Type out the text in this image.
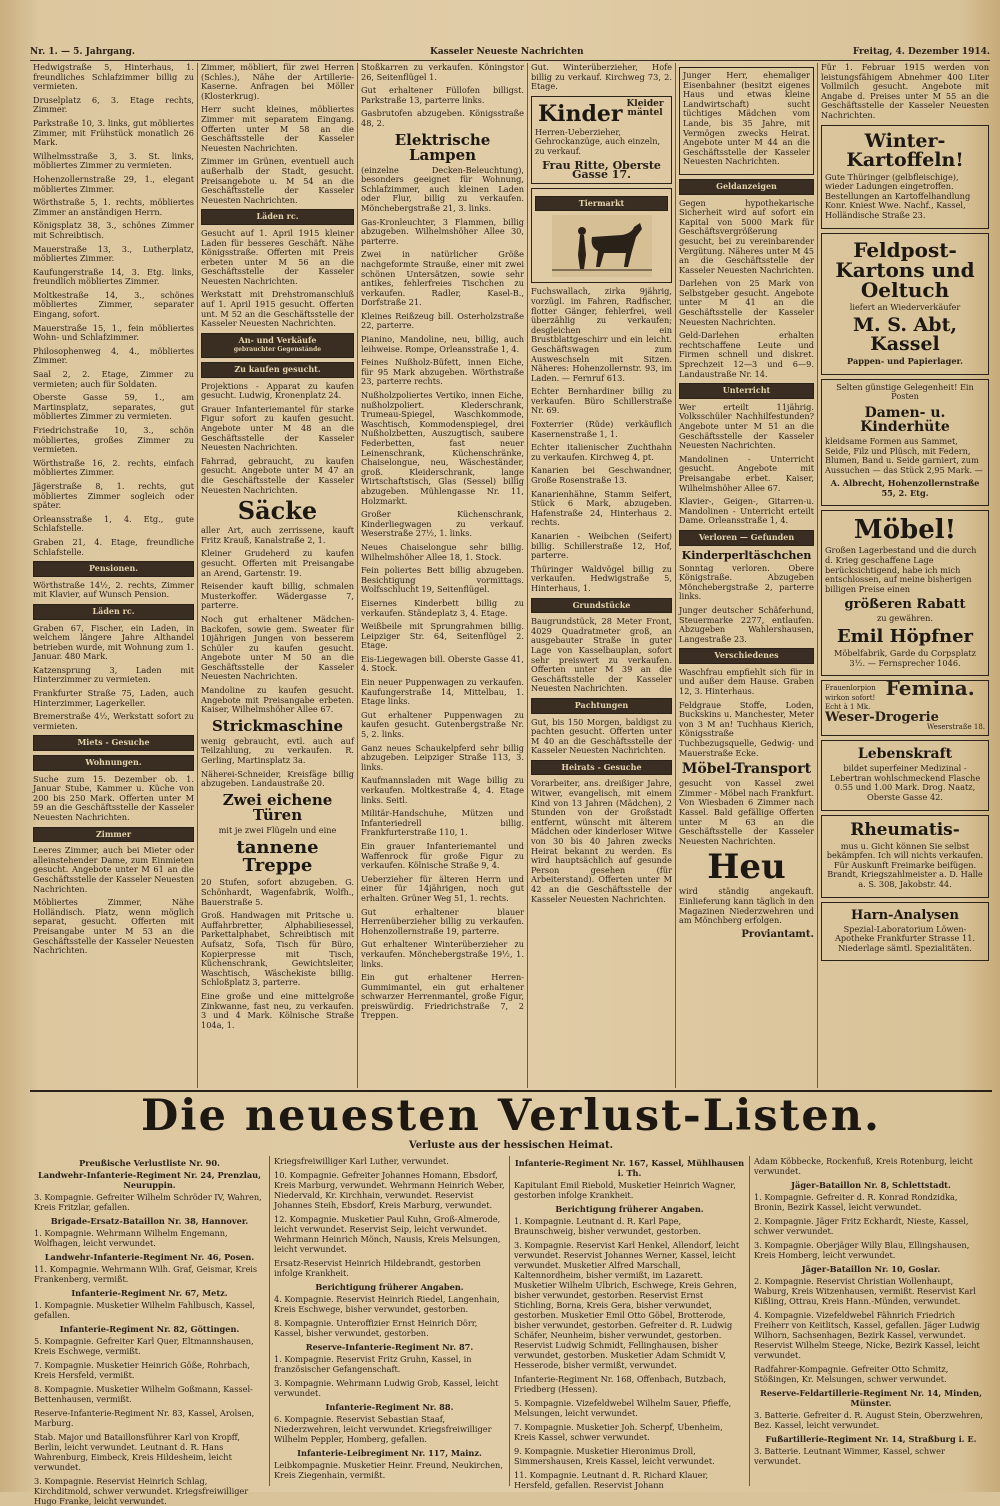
Nr. 1. — 5. Jahrgang.	Kasseler Neueste Nachrichten	Freitag, 4. Dezember 1914.
Hedwigstraße 5, Hinterhaus, 1. freundliches Schlafzimmer billig zu vermieten.
Druselplatz 6, 3. Etage rechts, Zimmer.
Parkstraße 10, 3. links, gut möbliertes Zimmer, mit Frühstück monatlich 26 Mark.
Wilhelmsstraße 3, 3. St. links, möbliertes Zimmer zu vermieten.
Hohenzollernstraße 29, 1., elegant möbliertes Zimmer.
Wörthstraße 5, 1. rechts, möbliertes Zimmer an anständigen Herrn.
Königsplatz 38, 3., schönes Zimmer mit Schreibtisch.
Mauerstraße 13, 3., Lutherplatz, möbliertes Zimmer.
Kaufungerstraße 14, 3. Etg. links, freundlich möbliertes Zimmer.
Moltkestraße 14, 3., schönes möbliertes Zimmer, separater Eingang, sofort.
Mauerstraße 15, 1., fein möbliertes Wohn- und Schlafzimmer.
Philosophenweg 4, 4., möbliertes Zimmer.
Saal 2, 2. Etage, Zimmer zu vermieten; auch für Soldaten.
Oberste Gasse 59, 1., am Martinsplatz, separates, gut möbliertes Zimmer zu vermieten.
Friedrichstraße 10, 3., schön möbliertes, großes Zimmer zu vermieten.
Wörthstraße 16, 2. rechts, einfach möbliertes Zimmer.
Jägerstraße 8, 1. rechts, gut möbliertes Zimmer sogleich oder später.
Orleansstraße 1, 4. Etg., gute Schlafstelle.
Graben 21, 4. Etage, freundliche Schlafstelle.
Pensionen.
Wörthstraße 14½, 2. rechts, Zimmer mit Klavier, auf Wunsch Pension.
Läden rc.
Graben 67, Fischer, ein Laden, in welchem längere Jahre Althandel betrieben wurde, mit Wohnung zum 1. Januar. 480 Mark.
Katzensprung 3, Laden mit Hinterzimmer zu vermieten.
Frankfurter Straße 75, Laden, auch Hinterzimmer, Lagerkeller.
Bremerstraße 4½, Werkstatt sofort zu vermieten.
Miets - Gesuche
Wohnungen.
Suche zum 15. Dezember ob. 1. Januar Stube, Kammer u. Küche von 200 bis 250 Mark. Offerten unter M 59 an die Geschäftsstelle der Kasseler Neuesten Nachrichten.
Zimmer
Leeres Zimmer, auch bei Mieter oder alleinstehender Dame, zum Einmieten gesucht. Angebote unter M 61 an die Geschäftsstelle der Kasseler Neuesten Nachrichten.
Möbliertes Zimmer, Nähe Holländisch. Platz, wenn möglich separat, gesucht. Offerten mit Preisangabe unter M 53 an die Geschäftsstelle der Kasseler Neuesten Nachrichten.
Zimmer, möbliert, für zwei Herren (Schles.), Nähe der Artillerie-Kaserne. Anfragen bei Möller (Klosterkrug).
Herr sucht kleines, möbliertes Zimmer mit separatem Eingang. Offerten unter M 58 an die Geschäftsstelle der Kasseler Neuesten Nachrichten.
Zimmer im Grünen, eventuell auch außerhalb der Stadt, gesucht. Preisangebote u. M 54 an die Geschäftsstelle der Kasseler Neuesten Nachrichten.
Läden rc.
Gesucht auf 1. April 1915 kleiner Laden für besseres Geschäft. Nähe Königsstraße. Offerten mit Preis erbeten unter M 56 an die Geschäftsstelle der Kasseler Neuesten Nachrichten.
Werkstatt mit Drehstromanschluß auf 1. April 1915 gesucht. Offerten unt. M 52 an die Geschäftsstelle der Kasseler Neuesten Nachrichten.
An- und Verkäufe
gebrauchter Gegenstände
Zu kaufen gesucht.
Projektions - Apparat zu kaufen gesucht. Ludwig, Kronenplatz 24.
Grauer Infanteriemantel für starke Figur sofort zu kaufen gesucht. Angebote unter M 48 an die Geschäftsstelle der Kasseler Neuesten Nachrichten.
Fahrrad, gebraucht, zu kaufen gesucht. Angebote unter M 47 an die Geschäftsstelle der Kasseler Neuesten Nachrichten.
Säcke
aller Art, auch zerrissene, kauft Fritz Krauß, Kanalstraße 2, 1.
Kleiner Grudeherd zu kaufen gesucht. Offerten mit Preisangabe an Arend, Gartenstr. 19.
Reisender kauft billig, schmalen Musterkoffer. Wädergasse 7, parterre.
Noch gut erhaltener Mädchen-Backofen, sowie gem. Sweater für 10jährigen Jungen von besserem Schüler zu kaufen gesucht. Angebote unter M 50 an die Geschäftsstelle der Kasseler Neuesten Nachrichten.
Mandoline zu kaufen gesucht. Angebote mit Preisangabe erbeten. Kaiser, Wilhelmshöher Allee 67.
Strickmaschine
wenig gebraucht, evtl. auch auf Teilzahlung, zu verkaufen. R. Gerling, Martinsplatz 3a.
Näherei-Schneider, Kreisfäge billig abzugeben. Landaustraße 20.
Zwei eichene Türen
mit je zwei Flügeln und eine
tannene Treppe
20 Stufen, sofort abzugeben. G. Schönhardt, Wagenfabrik, Wolfh., Bauerstraße 5.
Groß. Handwagen mit Pritsche u. Auffahrbretter, Alphabiliesessel, Parkettalphabet, Schreibtisch mit Aufsatz, Sofa, Tisch für Büro, Kopierpresse mit Tisch, Küchenschrank, Gewichtsleiter, Waschtisch, Wäschekiste billig. Schloßplatz 3, parterre.
Eine große und eine mittelgroße Zinkwanne, fast neu, zu verkaufen. 3 und 4 Mark. Kölnische Straße 104a, 1.
Stoßkarren zu verkaufen. Köningstor 26, Seitenflügel 1.
Gut erhaltener Füllofen billigst. Parkstraße 13, parterre links.
Gasbrutofen abzugeben. Königsstraße 48, 2.
Elektrische Lampen
(einzelne Decken-Beleuchtung), besonders geeignet für Wohnung, Schlafzimmer, auch kleinen Laden oder Flur, billig zu verkaufen. Mönchebergstraße 21, 3. links.
Gas-Kronleuchter, 3 Flammen, billig abzugeben. Wilhelmshöher Allee 30, parterre.
Zwei in natürlicher Größe nachgeformte Strauße, einer mit zwei schönen Untersätzen, sowie sehr antikes, fehlerfreies Tischchen zu verkaufen. Radler, Kasel-B., Dorfstraße 21.
Kleines Reißzeug bill. Osterholzstraße 22, parterre.
Pianino, Mandoline, neu, billig, auch leihweise. Rompe, Orleansstraße 1, 4.
Feines Nußholz-Büfett, innen Eiche, für 95 Mark abzugeben. Wörthstraße 23, parterre rechts.
Nußholzpoliertes Vertiko, innen Eiche, nußholzpoliert. Klederschrank, Trumeau-Spiegel, Waschkommode, Waschtisch, Kommodenspiegel, drei Nußholzbetten, Auszugtisch, saubere Federbetten, fast neuer Leinenschrank, Küchenschränke, Chaiselongue, neu, Wäscheständer, groß. Kleiderschrank, lange Wirtschaftstisch, Glas (Sessel) billig abzugeben. Mühlengasse Nr. 11, Holzmarkt.
Großer Küchenschrank, Kinderliegwagen zu verkauf. Weserstraße 27½, 1. links.
Neues Chaiselongue sehr billig. Wilhelmshöher Allee 18, 1. Stock.
Fein poliertes Bett billig abzugeben. Besichtigung vormittags. Wolfsschlucht 19, Seitenflügel.
Eisernes Kinderbett billig zu verkaufen. Ständeplatz 3, 4. Etage.
Weißbeile mit Sprungrahmen billig. Leipziger Str. 64, Seitenflügel 2. Etage.
Eis-Liegewagen bill. Oberste Gasse 41, 4. Stock.
Ein neuer Puppenwagen zu verkaufen. Kaufungerstraße 14, Mittelbau, 1. Etage links.
Gut erhaltener Puppenwagen zu kaufen gesucht. Gutenbergstraße Nr. 5, 2. links.
Ganz neues Schaukelpferd sehr billig abzugeben. Leipziger Straße 113, 3. links.
Kaufmannsladen mit Wage billig zu verkaufen. Moltkestraße 4, 4. Etage links. Seitl.
Militär-Handschuhe, Mützen und Infanteriedrell billig. Frankfurterstraße 110, 1.
Ein grauer Infanteriemantel und Waffenrock für große Figur zu verkaufen. Kölnische Straße 9, 4.
Ueberzieher für älteren Herrn und einer für 14jährigen, noch gut erhalten. Grüner Weg 51, 1. rechts.
Gut erhaltener blauer Herrenüberzieher billig zu verkaufen. Hohenzollernstraße 19, parterre.
Gut erhaltener Winterüberzieher zu verkaufen. Mönchebergstraße 19½, 1. links.
Ein gut erhaltener Herren-Gummimantel, ein gut erhaltener schwarzer Herrenmantel, große Figur, preiswürdig. Friedrichstraße 7, 2 Treppen.
Gut. Winterüberzieher, Hofe billig zu verkauf. Kirchweg 73, 2. Etage.
Kinder Kleider mäntel
Herren-Ueberzieher, Gehrockanzüge, auch einzeln, zu verkauf.
Frau Ritte, Oberste Gasse 17.
Tiermarkt
Fuchswallach, zirka 9jährig, vorzügl. im Fahren, Radfischer, flotter Gänger, fehlerfrei, weil überzählig zu verkaufen; desgleichen ein Brustblattgeschirr und ein leicht. Geschäftswagen zum Ausweschseln mit Sitzen. Näheres: Hohenzollernstr. 93, im Laden. — Fernruf 613.
Echter Bernhardiner billig zu verkaufen. Büro Schillerstraße Nr. 69.
Foxterrier (Rüde) verkäuflich Kasernenstraße 1, 1.
Echter italienischer Zuchthahn zu verkaufen. Kirchweg 4, pt.
Kanarien bei Geschwandner, Große Rosenstraße 13.
Kanarienhähne, Stamm Seifert, Stück 6 Mark, abzugeben. Hafenstraße 24, Hinterhaus 2. rechts.
Kanarien - Weibchen (Seifert) billig. Schillerstraße 12, Hof, parterre.
Thüringer Waldvögel billig zu verkaufen. Hedwigstraße 5, Hinterhaus, 1.
Grundstücke
Baugrundstück, 28 Meter Front, 4029 Quadratmeter groß, an ausgebauter Straße in guter Lage von Kasselbauplan, sofort sehr preiswert zu verkaufen. Offerten unter M 39 an die Geschäftsstelle der Kasseler Neuesten Nachrichten.
Pachtungen
Gut, bis 150 Morgen, baldigst zu pachten gesucht. Offerten unter M 40 an die Geschäftsstelle der Kasseler Neuesten Nachrichten.
Heirats - Gesuche
Vorarbeiter, ans. dreißiger Jahre, Witwer, evangelisch, mit einem Kind von 13 Jahren (Mädchen), 2 Stunden von der Großstadt entfernt, wünscht mit älterem Mädchen oder kinderloser Witwe von 30 bis 40 Jahren zwecks Heirat bekannt zu werden. Es wird hauptsächlich auf gesunde Person gesehen (für Arbeiterstand). Offerten unter M 42 an die Geschäftsstelle der Kasseler Neuesten Nachrichten.
Junger Herr, ehemaliger Eisenbahner (besitzt eigenes Haus und etwas kleine Landwirtschaft) sucht tüchtiges Mädchen vom Lande, bis 35 Jahre, mit Vermögen zwecks Heirat. Angebote unter M 44 an die Geschäftsstelle der Kasseler Neuesten Nachrichten.
Geldanzeigen
Gegen hypothekarische Sicherheit wird auf sofort ein Kapital von 5000 Mark für Geschäftsvergrößerung gesucht, bei zu vereinbarender Vergütung. Näheres unter M 45 an die Geschäftsstelle der Kasseler Neuesten Nachrichten.
Darlehen von 25 Mark von Selbstgeber gesucht. Angebote unter M 41 an die Geschäftsstelle der Kasseler Neuesten Nachrichten.
Geld-Darlehen erhalten rechtschaffene Leute und Firmen schnell und diskret. Sprechzeit 12—3 und 6—9. Landaustraße Nr. 14.
Unterricht
Wer erteilt 11jährig. Volksschüler Nachhilfestunden? Angebote unter M 51 an die Geschäftsstelle der Kasseler Neuesten Nachrichten.
Mandolinen - Unterricht gesucht. Angebote mit Preisangabe erbet. Kaiser, Wilhelmshöher Allee 67.
Klavier-, Geigen-, Gitarren-u. Mandolinen - Unterricht erteilt Dame. Orleansstraße 1, 4.
Verloren — Gefunden
Kinderperltäschchen
Sonntag verloren. Obere Königstraße. Abzugeben Mönchebergstraße 2, parterre links.
Junger deutscher Schäferhund, Steuermarke 2277, entlaufen. Abzugeben Wahlershausen, Langestraße 23.
Verschiedenes
Waschfrau empfiehlt sich für in und außer dem Hause. Graben 12, 3. Hinterhaus.
Feldgraue Stoffe, Loden, Buckskins u. Manchester, Meter von 3 M an! Tuchhaus Kierich, Königsstraße Tuchbezugsquelle, Gedwig- und Mauerstraße Ecke.
Möbel-Transport
gesucht von Kassel zwei Zimmer - Möbel nach Frankfurt. Von Wiesbaden 6 Zimmer nach Kassel. Bald gefällige Offerten unter M 63 an die Geschäftsstelle der Kasseler Neuesten Nachrichten.
Heu
wird ständig angekauft. Einlieferung kann täglich in den Magazinen Niederzwehren und am Mönchberg erfolgen.
Proviantamt.
Für 1. Februar 1915 werden von leistungsfähigem Abnehmer 400 Liter Vollmilch gesucht. Angebote mit Angabe d. Preises unter M 55 an die Geschäftsstelle der Kasseler Neuesten Nachrichten.
Winter-Kartoffeln!
Gute Thüringer (gelbfleischige), wieder Ladungen eingetroffen. Bestellungen an Kartoffelhandlung Konr. Kniest Wwe. Nachf., Kassel, Holländische Straße 23.
Feldpost-Kartons und Oeltuch
liefert an Wiederverkäufer
M. S. Abt, Kassel
Pappen- und Papierlager.
Selten günstige Gelegenheit! Ein Posten
Damen- u. Kinderhüte
kleidsame Formen aus Sammet, Seide, Filz und Plüsch, mit Federn, Blumen, Band u. Seide garniert, zum Aussuchen — das Stück 2,95 Mark. —
A. Albrecht, Hohenzollernstraße 55, 2. Etg.
Möbel!
Großen Lagerbestand und die durch d. Krieg geschaffene Lage berücksichtigend, habe ich mich entschlossen, auf meine bisherigen billigen Preise einen
größeren Rabatt
zu gewähren.
Emil Höpfner
Möbelfabrik, Garde du Corpsplatz 3½. — Fernsprecher 1046.
Frauenlorpion wirkon sofort! Echt à 1 Mk. Femina.
Weser-Drogerie
Weserstraße 18.
Lebenskraft
bildet superfeiner Medizinal - Lebertran wohlschmeckend Flasche 0.55 und 1.00 Mark. Drog. Naatz, Oberste Gasse 42.
Rheumatis-
mus u. Gicht können Sie selbst bekämpfen. Ich will nichts verkaufen. Für Auskunft Freimarke beifügen. Brandt, Kriegszahlmeister a. D. Halle a. S. 308, Jakobstr. 44.
Harn-Analysen
Spezial-Laboratorium Löwen-Apotheke Frankfurter Strasse 11. Niederlage sämtl. Spezialitäten.
Die neuesten Verlust-Listen.
Verluste aus der hessischen Heimat.
Preußische Verlustliste Nr. 90.
Landwehr-Infanterie-Regiment Nr. 24, Prenzlau, Neuruppin.
3. Kompagnie. Gefreiter Wilhelm Schröder IV, Wahren, Kreis Fritzlar, gefallen.
Brigade-Ersatz-Bataillon Nr. 38, Hannover.
1. Kompagnie. Wehrmann Wilhelm Engemann, Wolfhagen, leicht verwundet.
Landwehr-Infanterie-Regiment Nr. 46, Posen.
11. Kompagnie. Wehrmann Wilh. Graf, Geismar, Kreis Frankenberg, vermißt.
Infanterie-Regiment Nr. 67, Metz.
1. Kompagnie. Musketier Wilhelm Fahlbusch, Kassel, gefallen.
Infanterie-Regiment Nr. 82, Göttingen.
5. Kompagnie. Gefreiter Karl Quer, Eltmannshausen, Kreis Eschwege, vermißt.
7. Kompagnie. Musketier Heinrich Göße, Rohrbach, Kreis Hersfeld, vermißt.
8. Kompagnie. Musketier Wilhelm Goßmann, Kassel-Bettenhausen, vermißt.
Reserve-Infanterie-Regiment Nr. 83, Kassel, Arolsen, Marburg.
Stab. Major und Bataillonsführer Karl von Kropff, Berlin, leicht verwundet. Leutnant d. R. Hans Wahrenburg, Eimbeck, Kreis Hildesheim, leicht verwundet.
3. Kompagnie. Reservist Heinrich Schlag, Kirchditmold, schwer verwundet. Kriegsfreiwilliger Hugo Franke, leicht verwundet.
Kriegsfreiwilliger Karl Luther, verwundet.
10. Kompagnie. Gefreiter Johannes Homann, Ebsdorf, Kreis Marburg, verwundet. Wehrmann Heinrich Weber, Niedervald, Kr. Kirchhain, verwundet. Reservist Johannes Steih, Ebsdorf, Kreis Marburg, verwundet.
12. Kompagnie. Musketier Paul Kuhn, Groß-Almerode, leicht verwundet. Reservist Seip, leicht verwundet. Wehrmann Heinrich Mönch, Nausis, Kreis Melsungen, leicht verwundet.
Ersatz-Reservist Heinrich Hildebrandt, gestorben infolge Krankheit.
Berichtigung früherer Angaben.
4. Kompagnie. Reservist Heinrich Riedel, Langenhain, Kreis Eschwege, bisher verwundet, gestorben.
8. Kompagnie. Unteroffizier Ernst Heinrich Dörr, Kassel, bisher verwundet, gestorben.
Reserve-Infanterie-Regiment Nr. 87.
1. Kompagnie. Reservist Fritz Gruhn, Kassel, in französischer Gefangenschaft.
3. Kompagnie. Wehrmann Ludwig Grob, Kassel, leicht verwundet.
Infanterie-Regiment Nr. 88.
6. Kompagnie. Reservist Sebastian Staaf, Niederzwehren, leicht verwundet. Kriegsfreiwilliger Wilhelm Peppler, Homberg, gefallen.
Infanterie-Leibregiment Nr. 117, Mainz.
Leibkompagnie. Musketier Heinr. Freund, Neukirchen, Kreis Ziegenhain, vermißt.
Infanterie-Regiment Nr. 167, Kassel, Mühlhausen i. Th.
Kapitulant Emil Riebold, Musketier Heinrich Wagner, gestorben infolge Krankheit.
Berichtigung früherer Angaben.
1. Kompagnie. Leutnant d. R. Karl Pape, Braunschweig, bisher verwundet, gestorben.
3. Kompagnie. Reservist Karl Henkel, Allendorf, leicht verwundet. Reservist Johannes Werner, Kassel, leicht verwundet. Musketier Alfred Marschall, Kaltennordheim, bisher vermißt, im Lazarett. Musketier Wilhelm Ulbrich, Eschwege, Kreis Gehren, bisher verwundet, gestorben. Reservist Ernst Stichling, Borna, Kreis Gera, bisher verwundet, gestorben. Musketier Emil Otto Göbel, Brotterode, bisher verwundet, gestorben. Gefreiter d. R. Ludwig Schäfer, Neunheim, bisher verwundet, gestorben. Reservist Ludwig Schmidt, Fellinghausen, bisher verwundet, gestorben. Musketier Adam Schmidt V, Hesserode, bisher vermißt, verwundet.
Infanterie-Regiment Nr. 168, Offenbach, Butzbach, Friedberg (Hessen).
5. Kompagnie. Vizefeldwebel Wilhelm Sauer, Pfieffe, Melsungen, leicht verwundet.
7. Kompagnie. Musketier Joh. Scherpf, Ubenheim, Kreis Kassel, schwer verwundet.
9. Kompagnie. Musketier Hieronimus Droll, Simmershausen, Kreis Kassel, leicht verwundet.
11. Kompagnie. Leutnant d. R. Richard Klauer, Hersfeld, gefallen. Reservist Johann
Adam Köbbecke, Rockenfuß, Kreis Rotenburg, leicht verwundet.
Jäger-Bataillon Nr. 8, Schlettstadt.
1. Kompagnie. Gefreiter d. R. Konrad Rondzidka, Bronin, Bezirk Kassel, leicht verwundet.
2. Kompagnie. Jäger Fritz Eckhardt, Nieste, Kassel, schwer verwundet.
3. Kompagnie. Oberjäger Willy Blau, Ellingshausen, Kreis Homberg, leicht verwundet.
Jäger-Bataillon Nr. 10, Goslar.
2. Kompagnie. Reservist Christian Wollenhaupt, Waburg, Kreis Witzenhausen, vermißt. Reservist Karl Kißling, Ottrau, Kreis Hann.-Münden, verwundet.
4. Kompagnie. Vizefeldwebel Fähnrich Friedrich Freiherr von Keitlitsch, Kassel, gefallen. Jäger Ludwig Wilhorn, Sachsenhagen, Bezirk Kassel, verwundet. Reservist Wilhelm Steege, Nicke, Bezirk Kassel, leicht verwundet.
Radfahrer-Kompagnie. Gefreiter Otto Schmitz, Stößingen, Kr. Melsungen, schwer verwundet.
Reserve-Feldartillerie-Regiment Nr. 14, Minden, Münster.
3. Batterie. Gefreiter d. R. August Stein, Oberzwehren, Bez. Kassel, leicht verwundet.
Fußartillerie-Regiment Nr. 14, Straßburg i. E.
3. Batterie. Leutnant Wimmer, Kassel, schwer verwundet.
